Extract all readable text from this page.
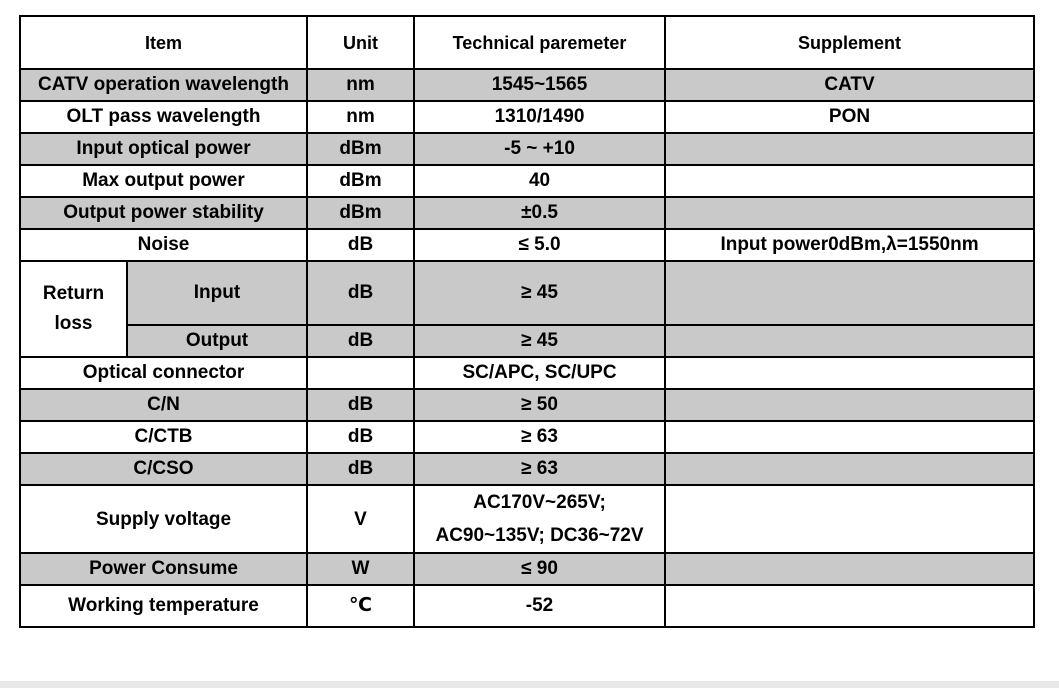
Item		Unit	Technical paremeter	Supplement
CATV operation wavelength		nm	1545~1565	CATV
OLT pass wavelength		nm	1310/1490	PON
Input optical power		dBm	-5 ~ +10	
Max output power		dBm	40	
Output power stability		dBm	±0.5	
Noise		dB	≤ 5.0	Input power0dBm,λ=1550nm
Return loss	Input	dB	≥ 45	
	Output	dB	≥ 45	
Optical connector			SC/APC, SC/UPC	
C/N		dB	≥ 50	
C/CTB		dB	≥ 63	
C/CSO		dB	≥ 63	
Supply voltage		V	AC170V~265V;
AC90~135V; DC36~72V	

Power Consume		W	≤ 90	
Working temperature		℃	-52	
